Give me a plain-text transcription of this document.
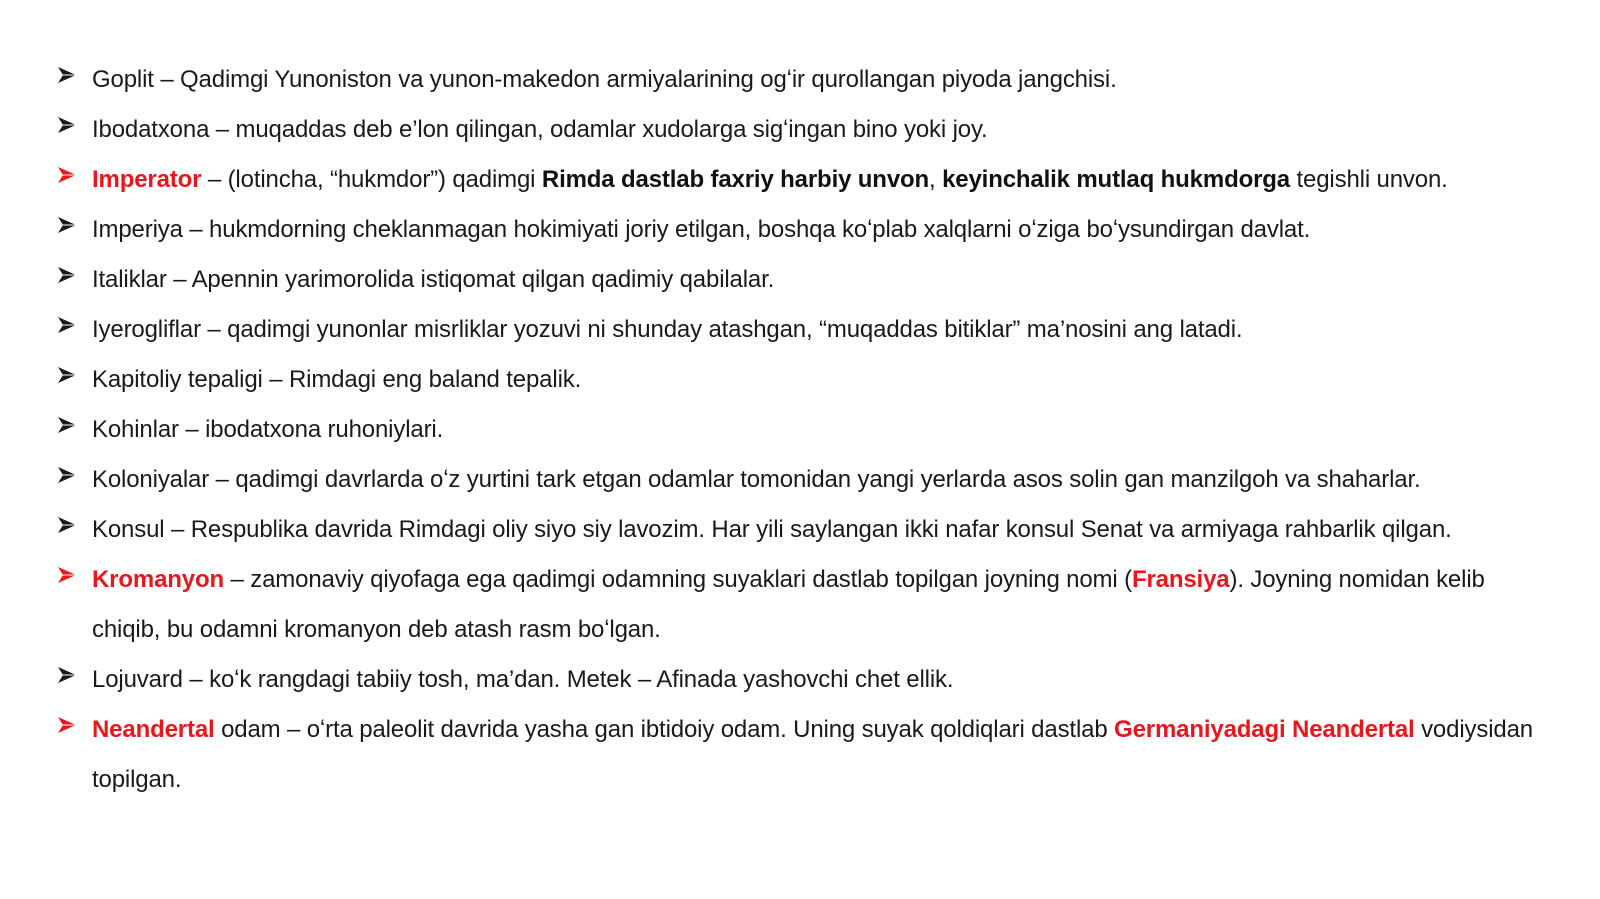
Goplit – Qadimgi Yunoniston va yunon-makedon armiyalarining ogʻir qurollangan piyoda jangchisi.
Ibodatxona – muqaddas deb e’lon qilingan, odamlar xudolarga sigʻingan bino yoki joy.
Imperator – (lotincha, “hukmdor”) qadimgi Rimda dastlab faxriy harbiy unvon, keyinchalik mutlaq hukmdorga tegishli unvon.
Imperiya – hukmdorning cheklanmagan hokimiyati joriy etilgan, boshqa koʻplab xalqlarni oʻziga boʻysundirgan davlat.
Italiklar – Apennin yarimorolida istiqomat qilgan qadimiy qabilalar.
Iyerogliflar – qadimgi yunonlar misrliklar yozuvi ni shunday atashgan, “muqaddas bitiklar” ma’nosini ang latadi.
Kapitoliy tepaligi – Rimdagi eng baland tepalik.
Kohinlar – ibodatxona ruhoniylari.
Koloniyalar – qadimgi davrlarda oʻz yurtini tark etgan odamlar tomonidan yangi yerlarda asos solin gan manzilgoh va shaharlar.
Konsul – Respublika davrida Rimdagi oliy siyo siy lavozim. Har yili saylangan ikki nafar konsul Senat va armiyaga rahbarlik qilgan.
Kromanyon – zamonaviy qiyofaga ega qadimgi odamning suyaklari dastlab topilgan joyning nomi (Fransiya). Joyning nomidan kelib chiqib, bu odamni kromanyon deb atash rasm boʻlgan.
Lojuvard – koʻk rangdagi tabiiy tosh, ma’dan. Metek – Afinada yashovchi chet ellik.
Neandertal odam – oʻrta paleolit davrida yasha gan ibtidoiy odam. Uning suyak qoldiqlari dastlab Germaniyadagi Neandertal vodiysidan topilgan.
